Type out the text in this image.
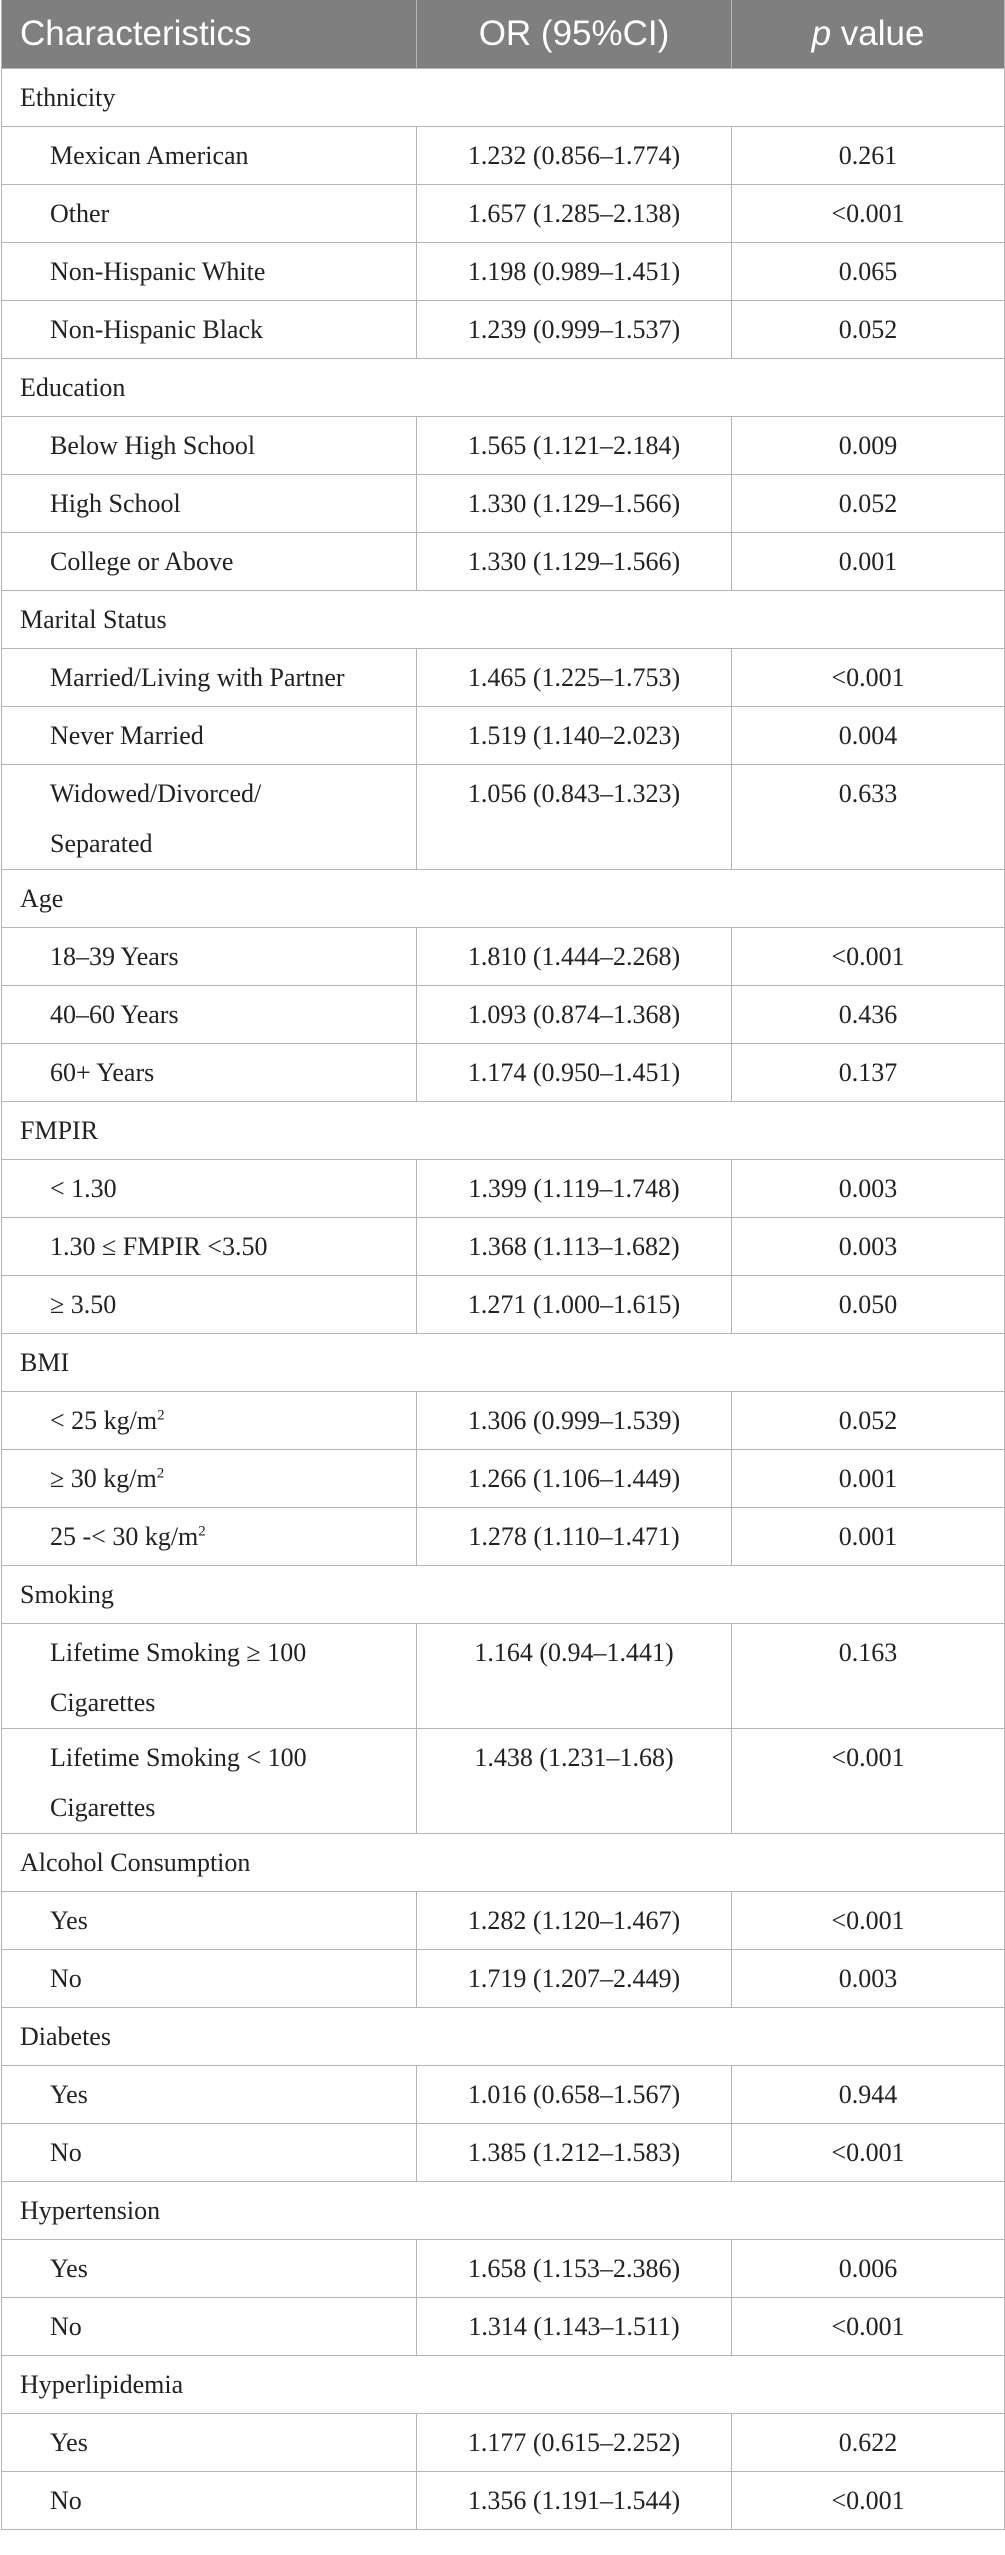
Characteristics	OR (95%CI)	p value
Ethnicity		
Mexican American	1.232 (0.856–1.774)	0.261
Other	1.657 (1.285–2.138)	<0.001
Non-Hispanic White	1.198 (0.989–1.451)	0.065
Non-Hispanic Black	1.239 (0.999–1.537)	0.052
Education		
Below High School	1.565 (1.121–2.184)	0.009
High School	1.330 (1.129–1.566)	0.052
College or Above	1.330 (1.129–1.566)	0.001
Marital Status		
Married/Living with Partner	1.465 (1.225–1.753)	<0.001
Never Married	1.519 (1.140–2.023)	0.004

Widowed/Divorced/
Separated	1.056 (0.843–1.323)	0.633
Age		
18–39 Years	1.810 (1.444–2.268)	<0.001
40–60 Years	1.093 (0.874–1.368)	0.436
60+ Years	1.174 (0.950–1.451)	0.137
FMPIR		
< 1.30	1.399 (1.119–1.748)	0.003
1.30 ≤ FMPIR <3.50	1.368 (1.113–1.682)	0.003
≥ 3.50	1.271 (1.000–1.615)	0.050
BMI		
< 25 $kg/m^2$	1.306 (0.999–1.539)	0.052
≥ 30 $kg/m^2$	1.266 (1.106–1.449)	0.001
25 -< 30 $kg/m^2$	1.278 (1.110–1.471)	0.001
Smoking		

Lifetime Smoking ≥ 100
Cigarettes	1.164 (0.94–1.441)	0.163

Lifetime Smoking < 100
Cigarettes	1.438 (1.231–1.68)	<0.001
Alcohol Consumption		
Yes	1.282 (1.120–1.467)	<0.001
No	1.719 (1.207–2.449)	0.003
Diabetes		
Yes	1.016 (0.658–1.567)	0.944
No	1.385 (1.212–1.583)	<0.001
Hypertension		
Yes	1.658 (1.153–2.386)	0.006
No	1.314 (1.143–1.511)	<0.001
Hyperlipidemia		
Yes	1.177 (0.615–2.252)	0.622
No	1.356 (1.191–1.544)	<0.001
